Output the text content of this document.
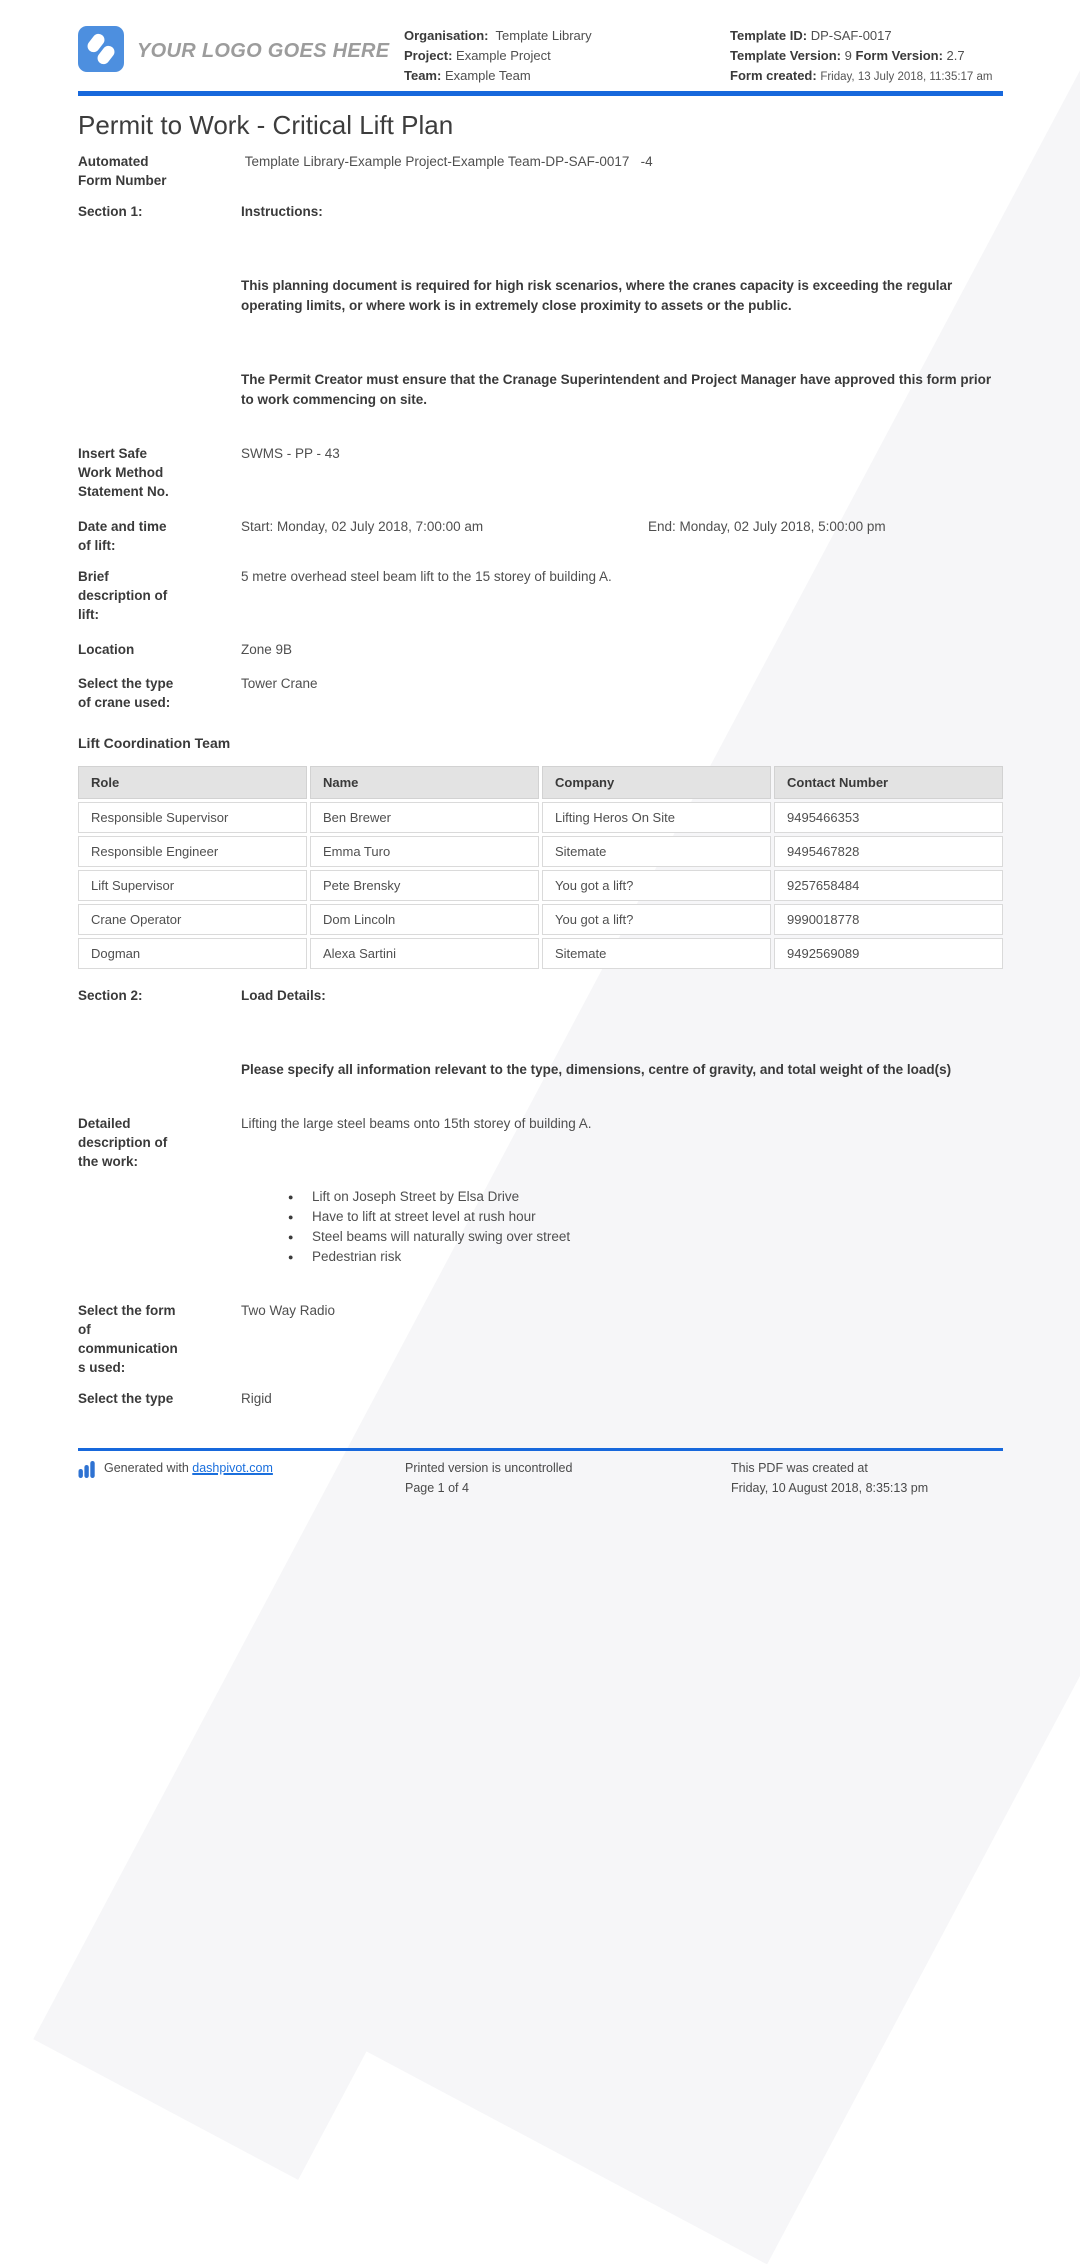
YOUR LOGO GOES HERE
Organisation: Template Library
Project: Example Project
Team: Example Team
Template ID: DP-SAF-0017
Template Version: 9 Form Version: 2.7
Form created: Friday, 13 July 2018, 11:35:17 am
Permit to Work - Critical Lift Plan
Automated Form Number
Template Library-Example Project-Example Team-DP-SAF-0017   -4
Section 1:	Instructions:
This planning document is required for high risk scenarios, where the cranes capacity is exceeding the regular operating limits, or where work is in extremely close proximity to assets or the public.
The Permit Creator must ensure that the Cranage Superintendent and Project Manager have approved this form prior to work commencing on site.
Insert Safe Work Method Statement No.
SWMS - PP - 43
Date and time of lift:
Start: Monday, 02 July 2018, 7:00:00 am	End: Monday, 02 July 2018, 5:00:00 pm
Brief description of lift:
5 metre overhead steel beam lift to the 15 storey of building A.
Location	Zone 9B
Select the type of crane used:
Tower Crane
Lift Coordination Team
Role	Name	Company	Contact Number
Responsible Supervisor	Ben Brewer	Lifting Heros On Site	9495466353
Responsible Engineer	Emma Turo	Sitemate	9495467828
Lift Supervisor	Pete Brensky	You got a lift?	9257658484
Crane Operator	Dom Lincoln	You got a lift?	9990018778
Dogman	Alexa Sartini	Sitemate	9492569089
Section 2:	Load Details:
Please specify all information relevant to the type, dimensions, centre of gravity, and total weight of the load(s)
Detailed description of the work:
Lifting the large steel beams onto 15th storey of building A.
● Lift on Joseph Street by Elsa Drive
● Have to lift at street level at rush hour
● Steel beams will naturally swing over street
● Pedestrian risk
Select the form of communications used:
Two Way Radio
Select the type	Rigid
Generated with dashpivot.com	Printed version is uncontrolled
Page 1 of 4
This PDF was created at
Friday, 10 August 2018, 8:35:13 pm
